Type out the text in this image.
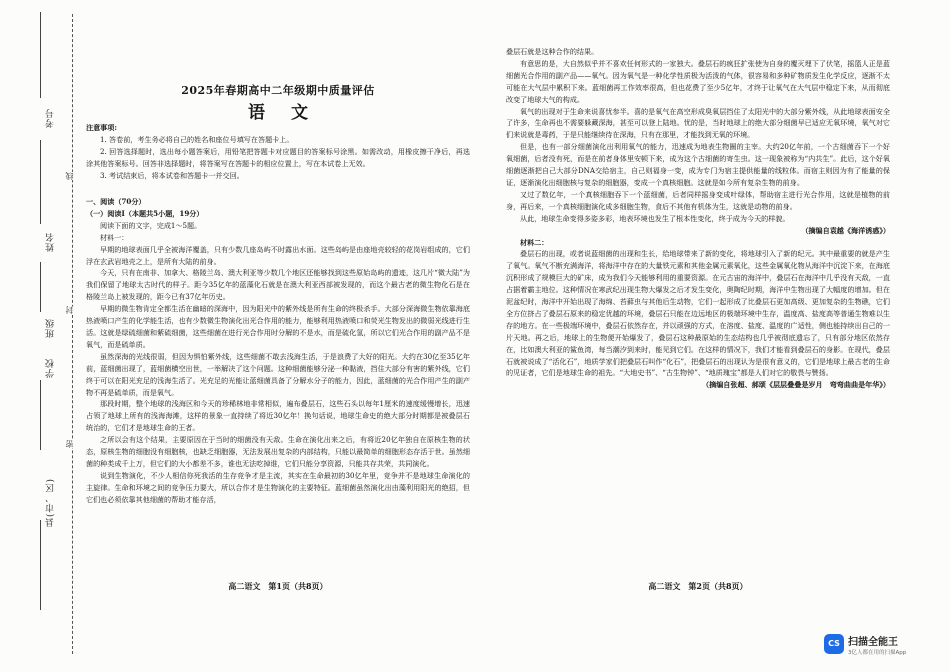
考号
姓名
班级
学校
县(市、区)
线
封
密
2025年春期高中二年级期中质量评估
语文

注意事项:

1. 答卷前，考生务必将自己的姓名和座位号填写在答题卡上。

2. 回答选择题时，选出每小题答案后，用铅笔把答题卡对应题目的答案标号涂黑。如需改动，用橡皮擦干净后，再选涂其他答案标号。回答非选择题时，将答案写在答题卡的相应位置上，写在本试卷上无效。

3. 考试结束后，将本试卷和答题卡一并交回。

一、阅读（70分）

（一）阅读Ⅰ（本题共5小题，19分）

阅读下面的文字，完成1～5题。

材料一：

早期的地球表面几乎全被海洋覆盖，只有少数几座岛屿不时露出水面。这些岛屿是由座地壳较轻的花岗岩组成的，它们浮在玄武岩地壳之上，是所有大陆的前身。

今天，只有在南非、加拿大、格陵兰岛、澳大利亚等少数几个地区还能够找到这些原始岛屿的遗迹，这几片“微大陆”为我们保留了地球太古时代的样子。距今35亿年的蓝藻化石就是在澳大利亚西部被发现的，而这个最古老的微生物化石是在格陵兰岛上被发现的，距今已有37亿年历史。

早期的微生物肯定全都生活在幽暗的深海中，因为阳光中的紫外线是所有生命的终极杀手。大部分深海微生物依靠海底热液喷口产生的化学能生活，也有少数微生物演化出光合作用的能力，能够利用热液喷口和荧光生物发出的微弱光线进行生活。这就是绿硫细菌和紫硫细菌，这些细菌在进行光合作用时分解的不是水，而是硫化氢，所以它们光合作用的副产品不是氧气，而是硫单质。

虽然深海的光线很弱，但因为惧怕紫外线，这些细菌不敢去浅海生活，于是浪费了大好的阳光。大约在30亿至35亿年前，蓝细菌出现了，蓝细菌横空出世，一举解决了这个问题。这种细菌能够分泌一种黏液，挡住大部分有害的紫外线，它们终于可以在阳光充足的浅海生活了。光充足的光能让蓝细菌具备了分解水分子的能力，因此，蓝细菌的光合作用产生的副产物不再是硫单质，而是氧气。

那段时期，整个地球的浅海区和今天的珍稀林地非常相似，遍布叠层石，这些石头以每年1厘米的速度缓慢增长，迅速占领了地球上所有的浅海海滩，这样的景象一直持续了将近30亿年！换句话说，地球生命史的绝大部分时期都是被叠层石统治的，它们才是地球生命的王者。

之所以会有这个结果，主要原因在于当时的细菌没有天敌。生命在演化出来之后，有将近20亿年独自在原核生物的状态，原核生物的细胞没有细胞核，也缺乏细胞器，无法发展出复杂的内部结构，只能以最简单的细胞形态存活于世。虽然细菌的种类成千上万，但它们的大小都差不多，谁也无法吃掉谁，它们只能分享资源，只能共存共荣，共同演化。

说到生物演化，不少人相信你死我活的生存竞争才是主流，其实在生命最初的30亿年里，竞争并不是地球生命演化的主旋律。生命和环境之间的竞争压力要大，所以合作才是生物演化的主要特征。蓝细菌虽然演化出由藻利用阳光的绝招，但它们也必须依靠其他细菌的帮助才能存活，

高二语文　第1页（共8页）

叠层石就是这种合作的结果。

有意思的是，大自然似乎并不喜欢任何形式的一家独大。叠层石的疯狂扩张使为自身的覆灭埋下了伏笔，摇篮人正是蓝细菌光合作用的副产品——氧气。因为氧气是一种化学性质极为活泼的气体，很容易和多种矿物质发生化学反应，逐渐不太可能在大气层中累积下来。蓝细菌再工作效率很高，但也花费了至少5亿年，才终于让氧气在大气层中稳定下来，从而彻底改变了地球大气的构成。

氧气的出现对于生命来说喜忧参半。喜的是氧气在高空形成臭氧层挡住了太阳光中的大部分紫外线，从此地球表面安全了许多，生命再也不需要躲藏深海，甚至可以登上陆地。忧的是，当时地球上的绝大部分细菌早已适应无氧环境，氧气对它们来说就是毒药，于是只能继续待在深海，只有在那里，才能找到无氧的环境。

但是，也有一部分细菌演化出利用氧气的能力，迅速成为地表生物圈的主宰。大约20亿年前，一个古细菌吞下一个好氧细菌，后者没有死，而是在前者身体里安顿下来，成为这个古细菌的寄生虫。这一现象被称为“内共生”。此后，这个好氧细菌逐渐把自己大部分DNA交给宿主，自己则福身一变，成为专门为宿主提供能量的线粒体。而宿主则因为有了能量的保证，逐渐演化出细胞核与复杂的细胞器，变成一个真核细胞。这就是如今所有复杂生物的前身。

又过了数亿年，一个真核细胞吞下一个蓝细菌，后者同样摇身变成叶绿体，帮助宿主进行光合作用，这就是植物的前身，再后来，一个真核细胞演化成多细胞生物，食后不其他有机体为生，这就是动物的前身。

从此，地球生命变得多姿多彩，地表环境也发生了根本性变化，终于成为今天的样貌。

（摘编自袁越《海洋诱惑》）

材料二：

叠层石的出现，或者说蓝细菌的出现和生长，给地球带来了新的变化，将地球引入了新的纪元。其中最重要的就是产生了氧气。氧气不断充满海洋，将海洋中存在的大量铁元素和其他金属元素氧化，这些金属氧化物从海洋中沉淀下来，在海底沉积形成了规模巨大的矿床，成为我们今天能够利用的重要资源。在元古宙的海洋中，叠层石在海洋中几乎没有天敌，一直占据着霸主地位。这种情况在寒武纪出现生物大爆发之后才发生变化，奥陶纪时期，海洋中生物出现了大幅度的增加。但在泥盆纪时，海洋中开始出现了海绵、苔藓虫与其他后生动物，它们一起形成了比叠层石更加高级、更加复杂的生物礁，它们全方位挤占了叠层石原来的稳定优越的环境，叠层石只能在边远地区的极端环境中生存，温度高、盐度高等普通生物难以生存的地方。在一些极端环境中，叠层石依然存在，并以顽强的方式，在溶度、盐度、温度的广适性，侧也能持续出自己的一片天地。再之后，地球上的生物便开始爆发了，叠层石这种最原始的生态结构也几乎被彻底遗忘了，只有部分地区依然存在，比如澳大利亚的鲨鱼湾，每当潮汐到来时，能见到它们。在这样的情况下，我们才能看到叠层石的身影。在现代，叠层石就被说成了“活化石”，地质学家们把叠层石叫作“化石”，把叠层石的出现认为是很有意义的，它们是地球上最古老的生命的见证者，它们是地球生命的祖先。“大地史书”、“古生物钟”、“地质瑰宝”都是人们对它的敬畏与赞扬。

（摘编自张超、郝颂《层层叠叠是岁月　弯弯曲曲是年华》）

高二语文　第2页（共8页）
CS 扫描全能王
3亿人都在用的扫描App
